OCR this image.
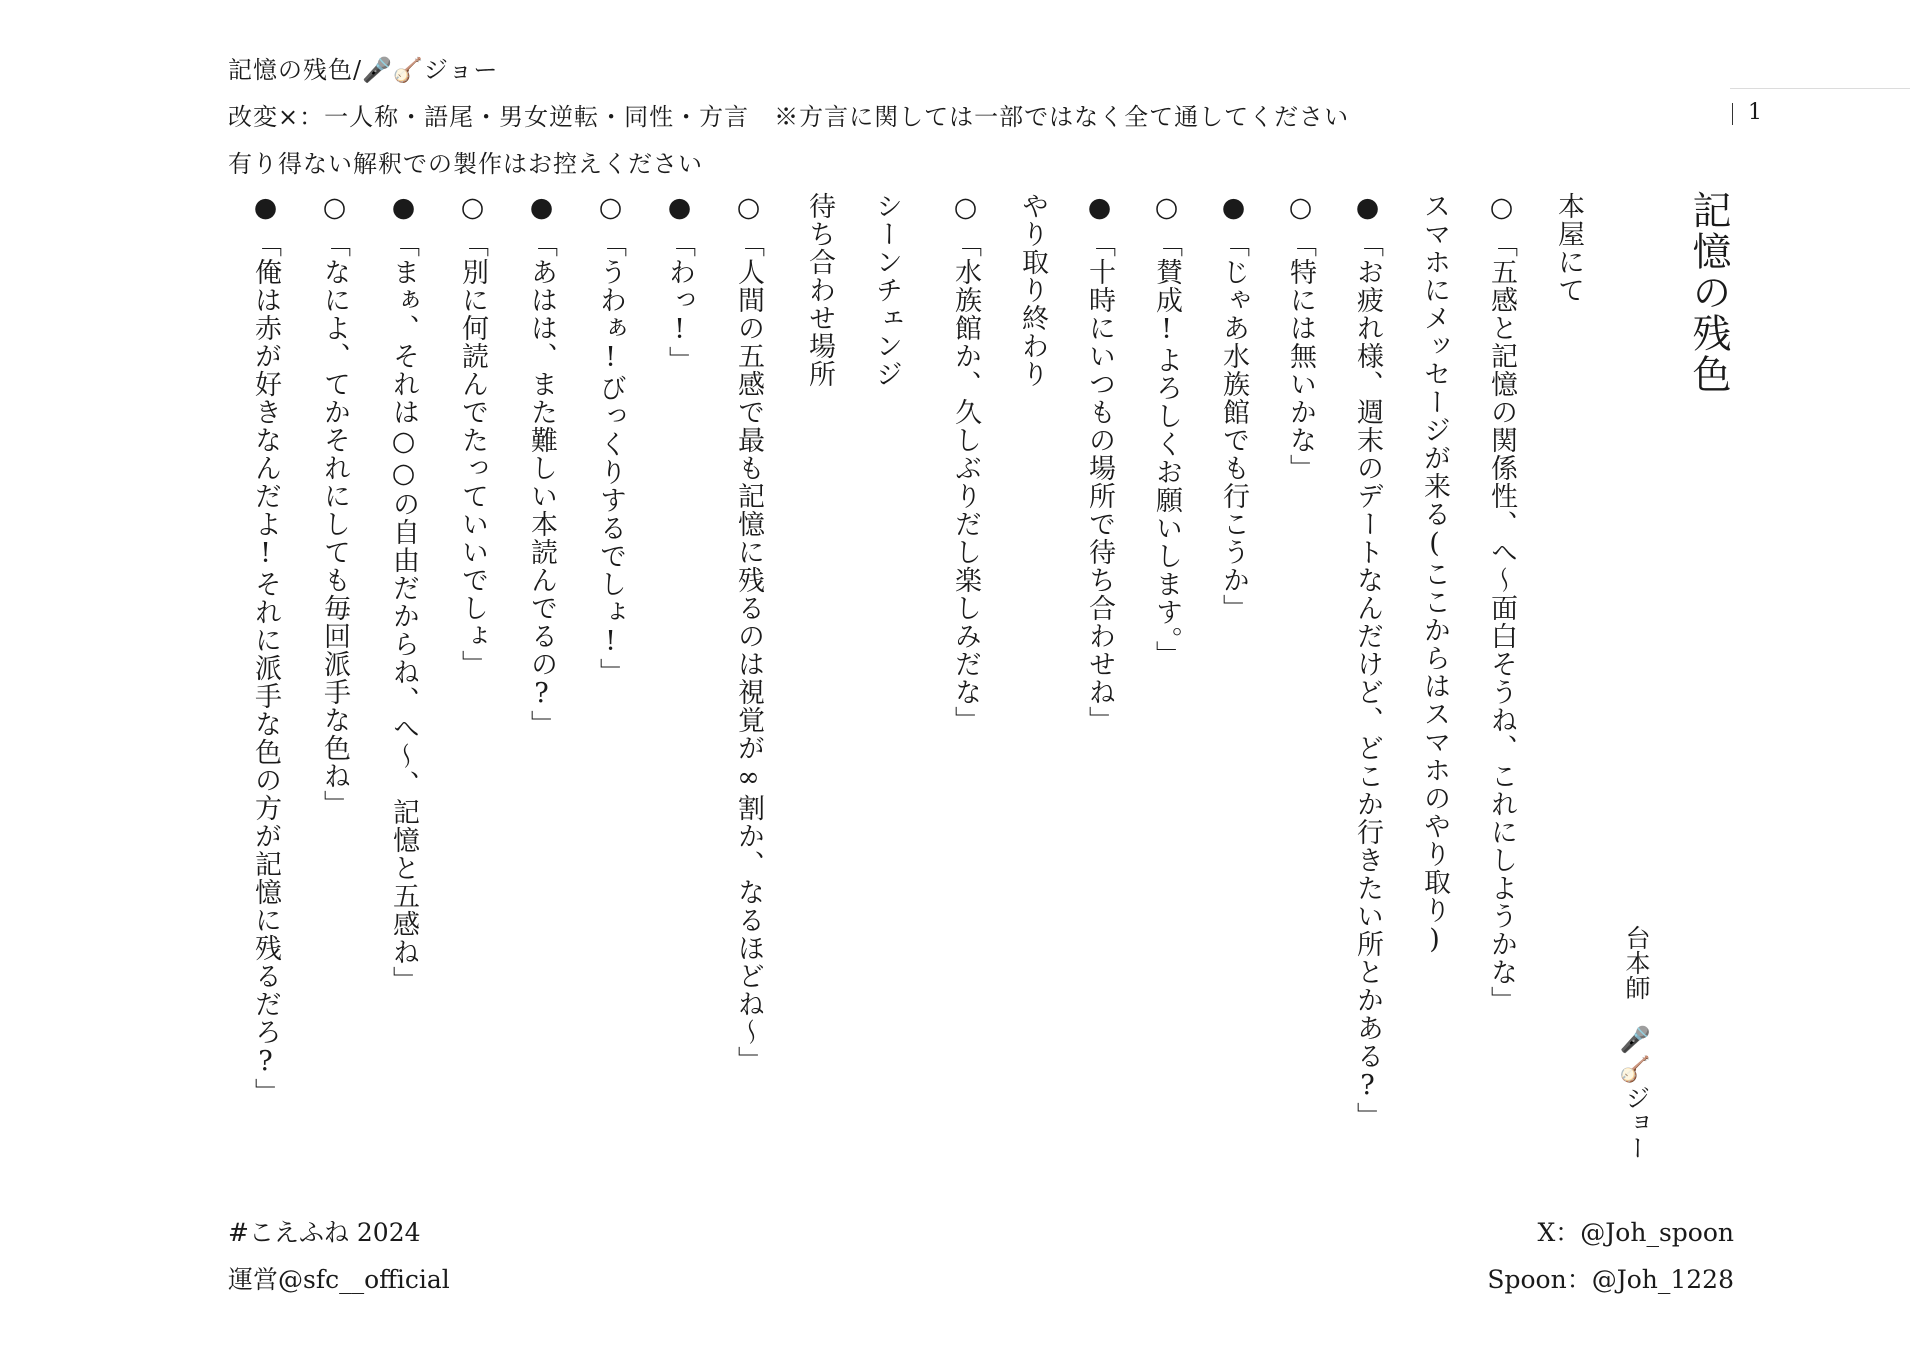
記憶の残色/🎤🪕ジョー
改変×：一人称・語尾・男女逆転・同性・方言　※方言に関しては一部ではなく全て通してください
有り得ない解釈での製作はお控えください
1
記憶の残色
台本師🎤🪕ジョー
本屋にて
○「五感と記憶の関係性、へ〜面白そうね、これにしようかな」
スマホにメッセージが来る(ここからはスマホのやり取り)
●「お疲れ様、週末のデートなんだけど、どこか行きたい所とかある?」
○「特には無いかな」
●「じゃあ水族館でも行こうか」
○「賛成!よろしくお願いします。」
●「十時にいつもの場所で待ち合わせね」
やり取り終わり
○「水族館か、久しぶりだし楽しみだな」
シーンチェンジ
待ち合わせ場所
○「人間の五感で最も記憶に残るのは視覚が∞割か、なるほどね〜」
●「わっ!」
○「うわぁ!びっくりするでしょ!」
●「あはは、また難しい本読んでるの?」
○「別に何読んでたっていいでしょ」
●「まぁ、それは○○の自由だからね、へ〜、記憶と五感ね」
○「なによ、てかそれにしても毎回派手な色ね」
●「俺は赤が好きなんだよ!それに派手な色の方が記憶に残るだろ?」
#こえふね 2024
運営@sfc__official
X：@Joh_spoon
Spoon：@Joh_1228
